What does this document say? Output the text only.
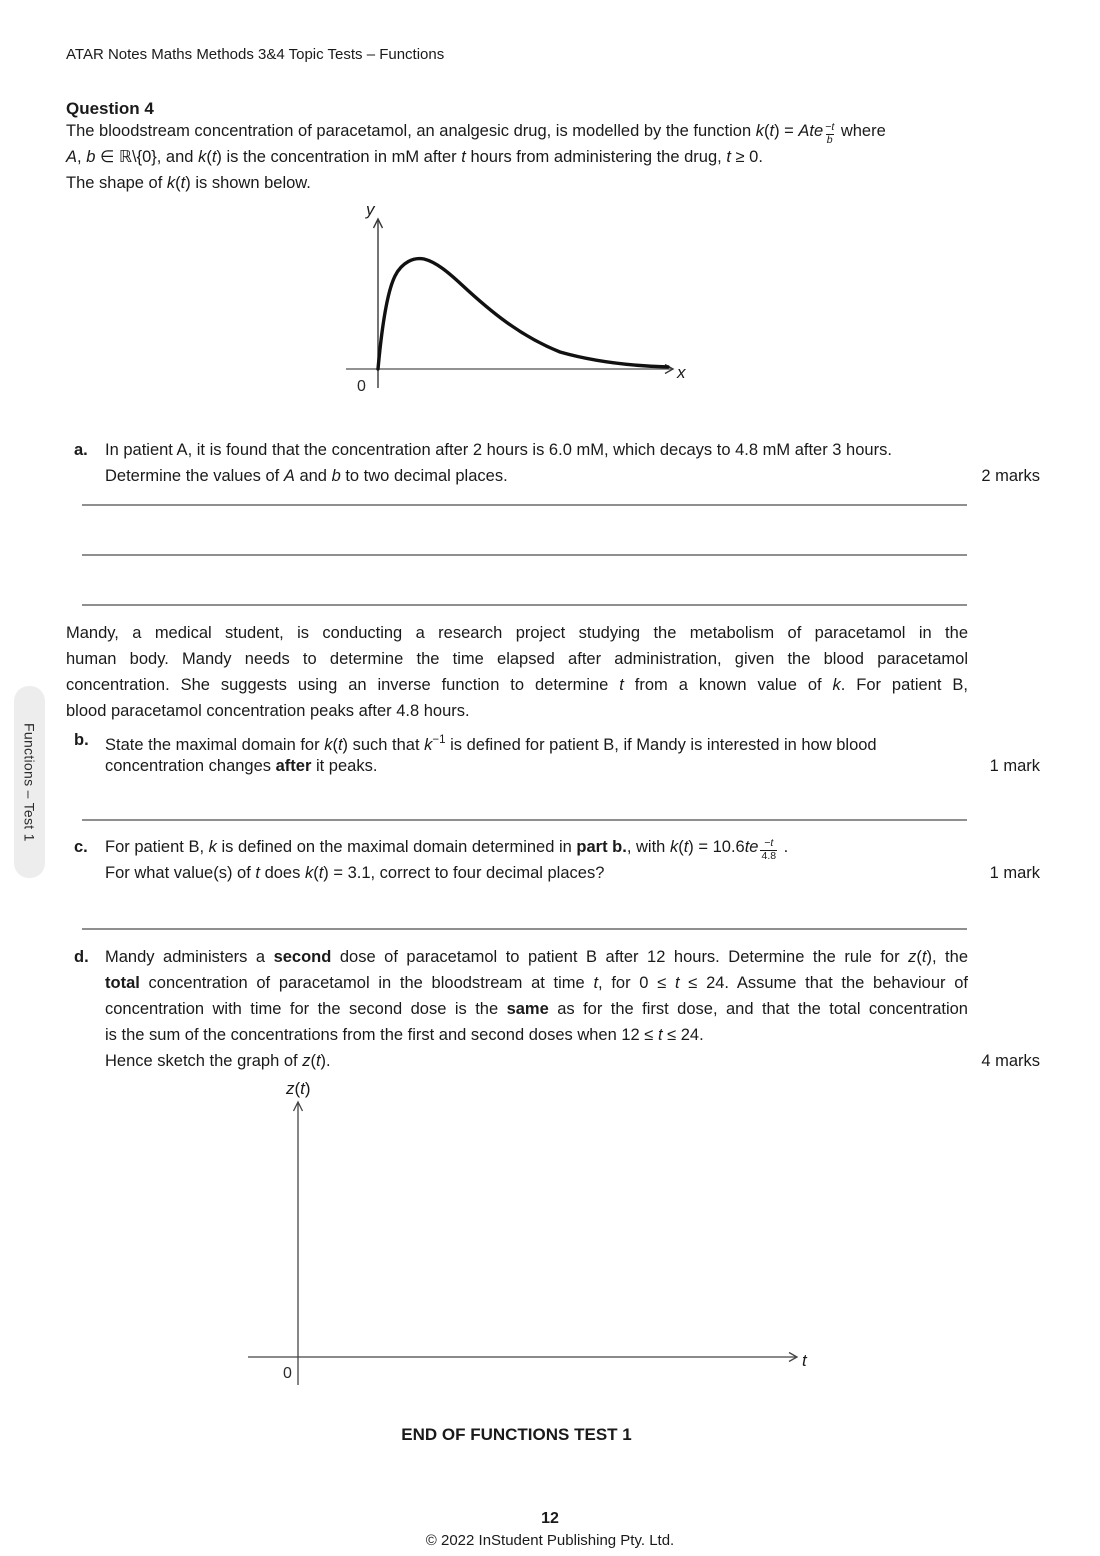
ATAR Notes Maths Methods 3&4 Topic Tests – Functions
Functions – Test 1
Question 4
The bloodstream concentration of paracetamol, an analgesic drug, is modelled by the function k(t) = Ate $\frac{-t}{b}$ where
A, b ∈ ℝ\{0}, and k(t) is the concentration in mM after t hours from administering the drug, t ≥ 0.
The shape of k(t) is shown below.
y
x
0
a. In patient A, it is found that the concentration after 2 hours is 6.0 mM, which decays to 4.8 mM after 3 hours.
Determine the values of A and b to two decimal places.	2 marks
Mandy, a medical student, is conducting a research project studying the metabolism of paracetamol in the
human body. Mandy needs to determine the time elapsed after administration, given the blood paracetamol
concentration. She suggests using an inverse function to determine t from a known value of k. For patient B,
blood paracetamol concentration peaks after 4.8 hours.
b. State the maximal domain for k(t) such that $k^{-1}$ is defined for patient B, if Mandy is interested in how blood
concentration changes after it peaks.	1 mark
c. For patient B, k is defined on the maximal domain determined in part b., with $k(t) = 10.6te \frac{-t}{4.8}$ .
For what value(s) of t does k(t) = 3.1, correct to four decimal places?	1 mark
d. Mandy administers a second dose of paracetamol to patient B after 12 hours. Determine the rule for z(t), the
total concentration of paracetamol in the bloodstream at time t, for 0 ≤ t ≤ 24. Assume that the behaviour of
concentration with time for the second dose is the same as for the first dose, and that the total concentration
is the sum of the concentrations from the first and second doses when 12 ≤ t ≤ 24.
Hence sketch the graph of z(t).	4 marks
z(t)
t
0
END OF FUNCTIONS TEST 1
12
© 2022 InStudent Publishing Pty. Ltd.
